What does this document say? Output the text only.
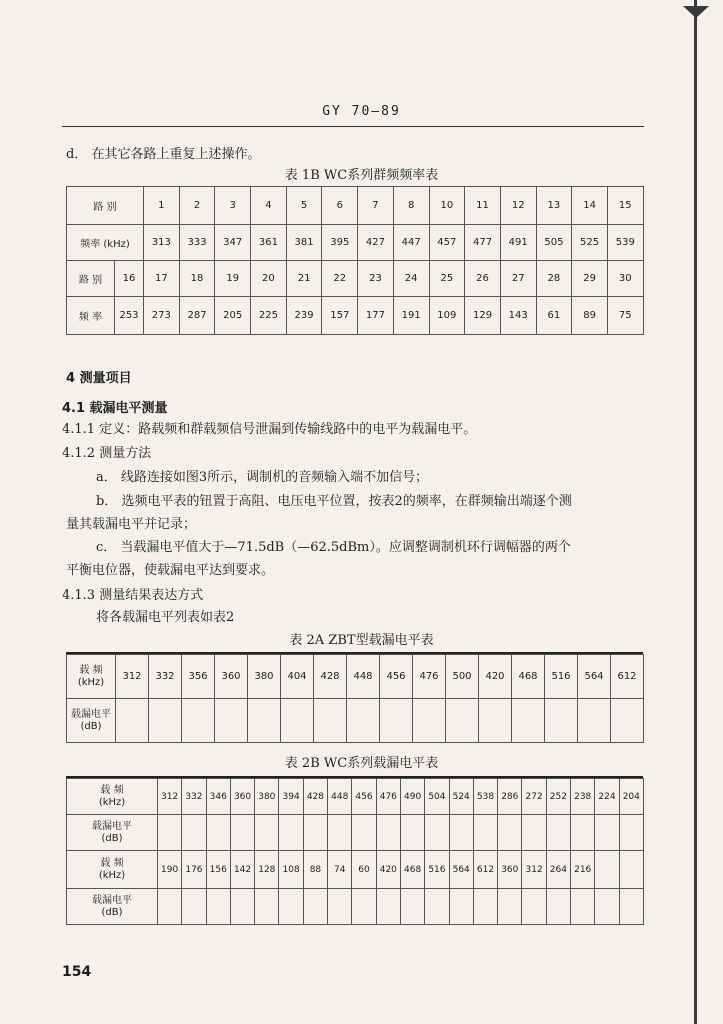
GY 70—89
d． 在其它各路上重复上述操作。
表 1B WC系列群频频率表
路 别		1	2	3	4	5	6	7	8	10	11	12	13	14	15
频率 (kHz)		313	333	347	361	381	395	427	447	457	477	491	505	525	539
路 别	16	17	18	19	20	21	22	23	24	25	26	27	28	29	30
频 率	253	273	287	205	225	239	157	177	191	109	129	143	61	89	75
4 测量项目
4.1 载漏电平测量
4.1.1 定义：路载频和群载频信号泄漏到传输线路中的电平为载漏电平。
4.1.2 测量方法
a． 线路连接如图3所示，调制机的音频输入端不加信号；
b． 选频电平表的钮置于高阻、电压电平位置，按表2的频率，在群频输出端逐个测
量其载漏电平并记录；
c． 当载漏电平值大于—71.5dB（—62.5dBm）。应调整调制机环行调幅器的两个
平衡电位器，使载漏电平达到要求。
4.1.3 测量结果表达方式
将各载漏电平列表如表2
表 2A ZBT型载漏电平表
载 频
(kHz)	312	332	356	360	380	404	428	448	456	476	500	420	468	516	564	612

载漏电平
(dB)																

表 2B WC系列载漏电平表
载 频
(kHz)	312	332	346	360	380	394	428	448	456	476	490	504	524	538	286	272	252	238	224	204

载漏电平
(dB)																				

载 频
(kHz)	190	176	156	142	128	108	88	74	60	420	468	516	564	612	360	312	264	216		

载漏电平
(dB)																				

154
